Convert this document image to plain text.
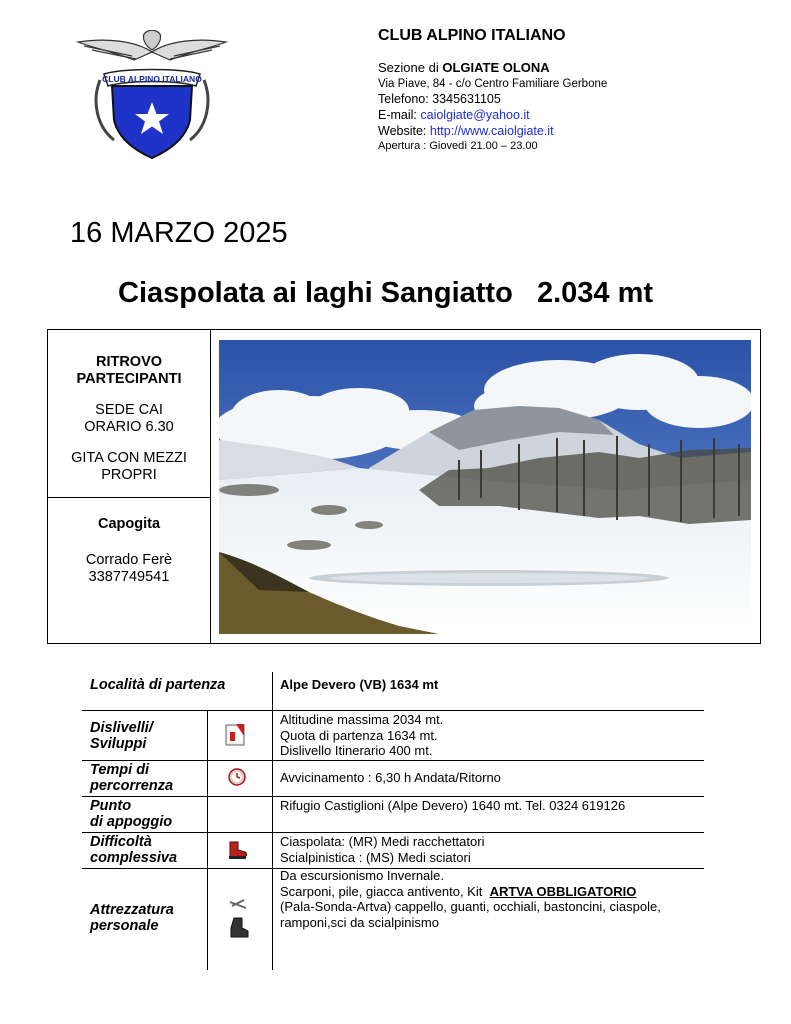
CLUB ALPINO ITALIANO
CLUB ALPINO ITALIANO
Sezione di OLGIATE OLONA
Via Piave, 84 - c/o Centro Familiare Gerbone
Telefono: 3345631105
E-mail: caiolgiate@yahoo.it
Website: http://www.caiolgiate.it
Apertura : Giovedì 21.00 – 23.00
16 MARZO 2025
Ciaspolata ai laghi Sangiatto   2.034 mt
RITROVO
PARTECIPANTI
SEDE CAI
ORARIO 6.30
GITA CON MEZZI
PROPRI
Capogita
Corrado Ferè
3387749541
Località di partenza	Alpe Devero (VB) 1634 mt
Dislivelli/
Sviluppi
Altitudine massima 2034 mt.
Quota di partenza 1634 mt.
Dislivello Itinerario 400 mt.
Tempi di
percorrenza
Avvicinamento : 6,30 h Andata/Ritorno
Punto
di appoggio
Rifugio Castiglioni (Alpe Devero) 1640 mt. Tel. 0324 619126
Difficoltà
complessiva
Ciaspolata: (MR) Medi racchettatori
Scialpinistica : (MS) Medi sciatori
Attrezzatura
personale
Da escursionismo Invernale.
Scarponi, pile, giacca antivento, Kit  ARTVA OBBLIGATORIO
(Pala-Sonda-Artva) cappello, guanti, occhiali, bastoncini, ciaspole,
ramponi,sci da scialpinismo
